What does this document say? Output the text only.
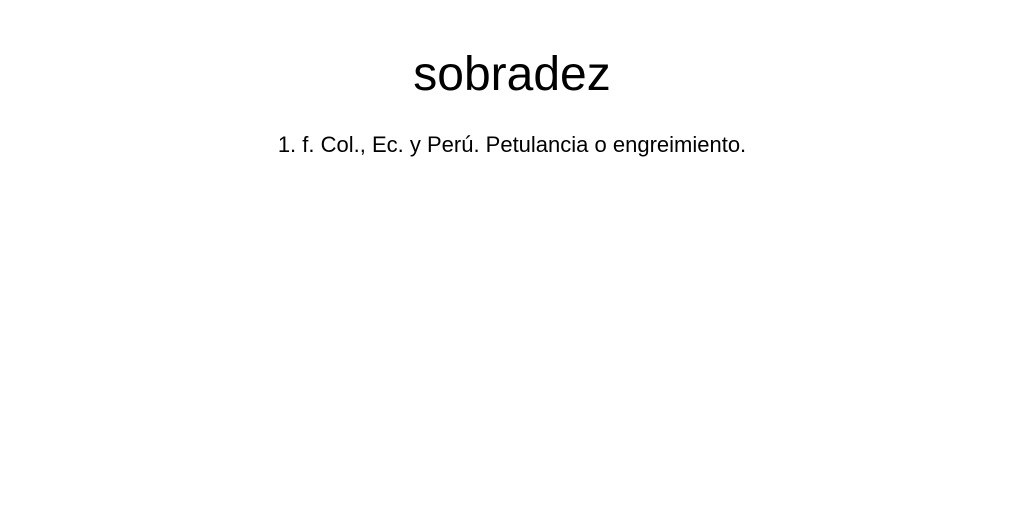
sobradez
1. f. Col., Ec. y Perú. Petulancia o engreimiento.
